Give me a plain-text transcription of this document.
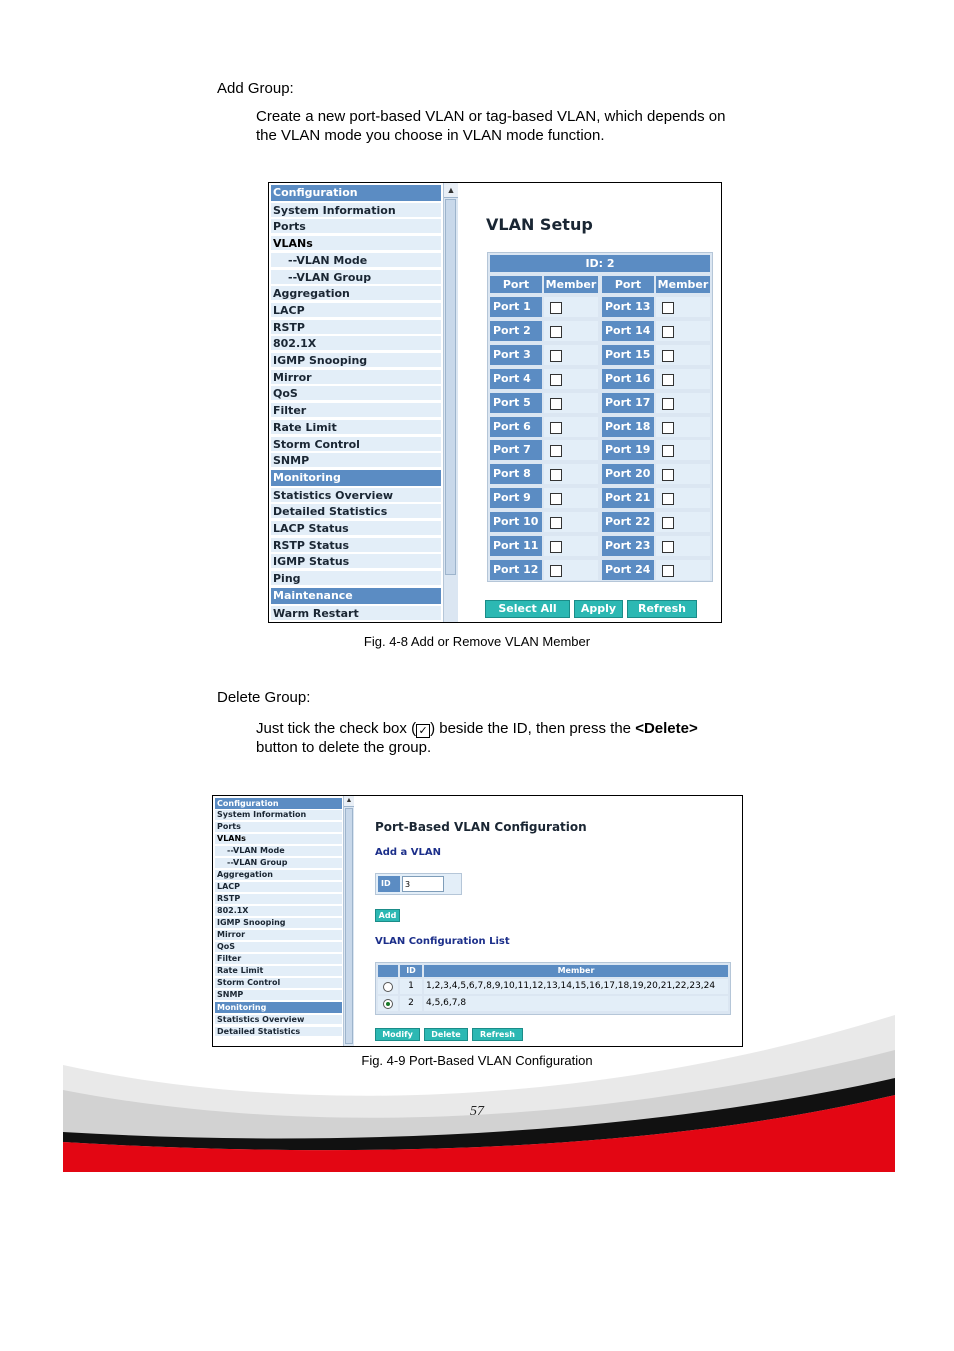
Add Group:
Create a new port-based VLAN or tag-based VLAN, which depends on
the VLAN mode you choose in VLAN mode function.
Configuration
System Information
Ports
VLANs
--VLAN Mode
--VLAN Group
Aggregation
LACP
RSTP
802.1X
IGMP Snooping
Mirror
QoS
Filter
Rate Limit
Storm Control
SNMP
Monitoring
Statistics Overview
Detailed Statistics
LACP Status
RSTP Status
IGMP Status
Ping
Maintenance
Warm Restart
▲
VLAN Setup
ID: 2
Port	Member	Port	Member
Port 1	Port 13
Port 2	Port 14
Port 3	Port 15
Port 4	Port 16
Port 5	Port 17
Port 6	Port 18
Port 7	Port 19
Port 8	Port 20
Port 9	Port 21
Port 10	Port 22
Port 11	Port 23
Port 12	Port 24
Select All	Apply	Refresh
Fig. 4-8 Add or Remove VLAN Member
Delete Group:
Just tick the check box ( ✓ ) beside the ID, then press the <Delete>
button to delete the group.
Configuration
System Information
Ports
VLANs
--VLAN Mode
--VLAN Group
Aggregation
LACP
RSTP
802.1X
IGMP Snooping
Mirror
QoS
Filter
Rate Limit
Storm Control
SNMP
Monitoring
Statistics Overview
Detailed Statistics
▲
Port-Based VLAN Configuration
Add a VLAN
ID
3
Add
VLAN Configuration List
ID	Member
1	1,2,3,4,5,6,7,8,9,10,11,12,13,14,15,16,17,18,19,20,21,22,23,24
2	4,5,6,7,8
Modify	Delete	Refresh
Fig. 4-9 Port-Based VLAN Configuration
57
